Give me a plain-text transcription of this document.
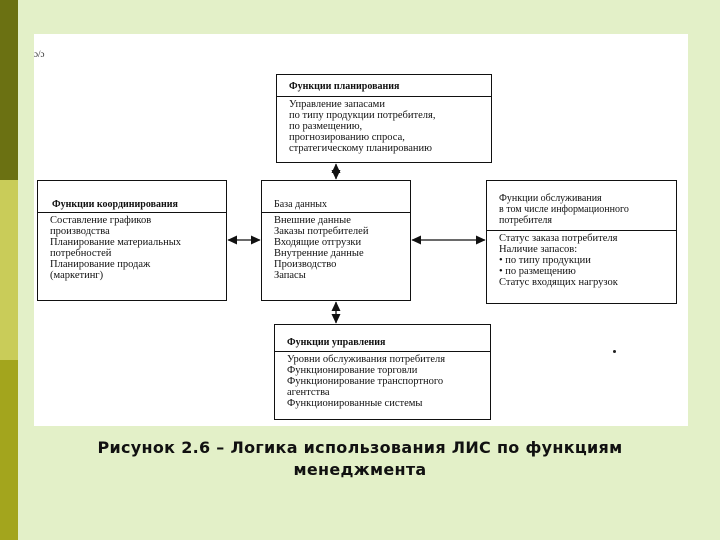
ɔ/ɔ
Функции планирования
Управление запасами
по типу продукции потребителя,
по размещению,
прогнозированию спроса,
стратегическому планированию
Функции координирования
Составление графиков
производства
Планирование материальных
потребностей
Планирование продаж
(маркетинг)
База данных
Внешние данные
Заказы потребителей
Входящие отгрузки
Внутренние данные
Производство
Запасы
Функции обслуживания
в том числе информационного
потребителя
Статус заказа потребителя
Наличие запасов:
• по типу продукции
• по размещению
Статус входящих нагрузок
Функции управления
Уровни обслуживания потребителя
Функционирование торговли
Функционирование транспортного
агентства
Функционированные системы
Рисунок 2.6 – Логика использования ЛИС по функциям
менеджмента
